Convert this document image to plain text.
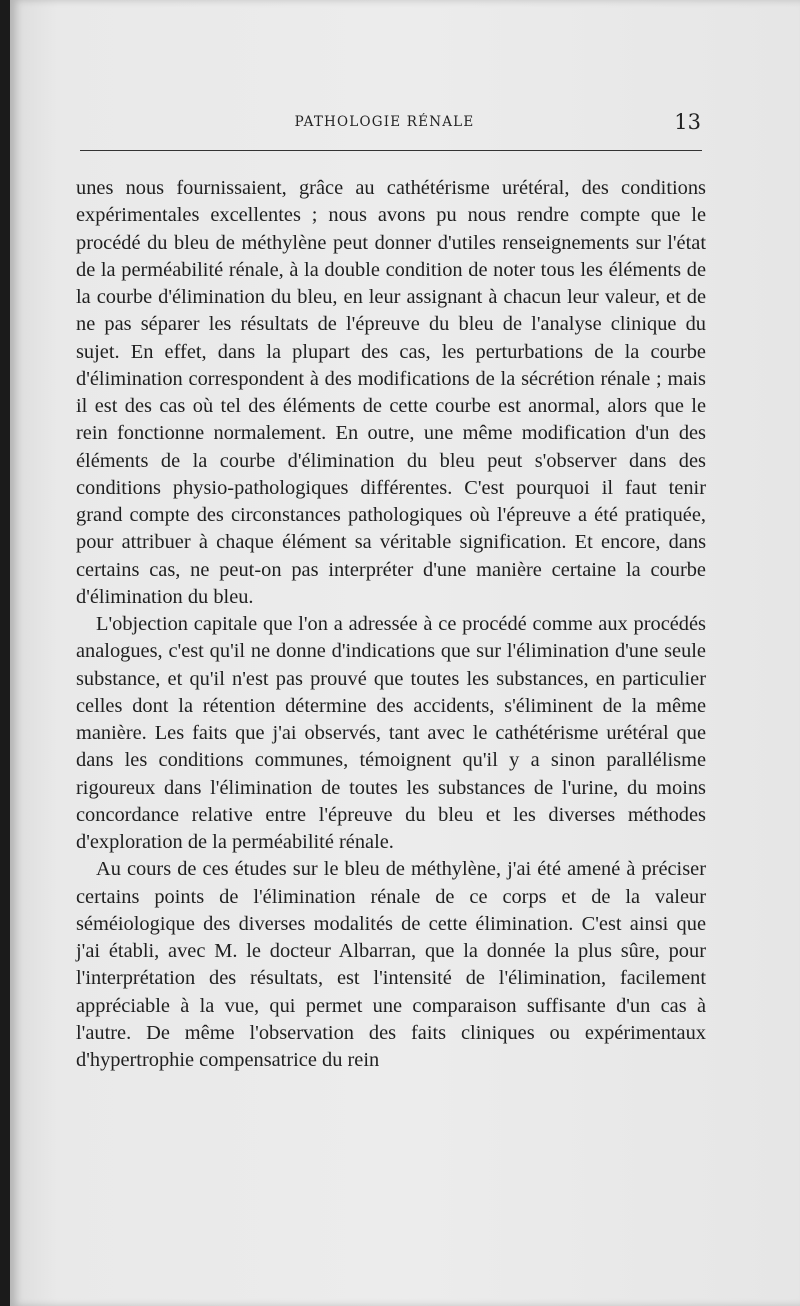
PATHOLOGIE RÉNALE	13

unes nous fournissaient, grâce au cathétérisme urétéral, des conditions expérimentales excellentes ; nous avons pu nous rendre compte que le procédé du bleu de méthylène peut donner d'utiles renseignements sur l'état de la perméabilité rénale, à la double condition de noter tous les éléments de la courbe d'élimination du bleu, en leur assignant à chacun leur valeur, et de ne pas séparer les résultats de l'épreuve du bleu de l'analyse clinique du sujet. En effet, dans la plupart des cas, les perturbations de la courbe d'élimination correspondent à des modifications de la sécrétion rénale ; mais il est des cas où tel des éléments de cette courbe est anormal, alors que le rein fonctionne normalement. En outre, une même modification d'un des éléments de la courbe d'élimination du bleu peut s'observer dans des conditions physio-pathologiques différentes. C'est pourquoi il faut tenir grand compte des circonstances pathologiques où l'épreuve a été pratiquée, pour attribuer à chaque élément sa véritable signification. Et encore, dans certains cas, ne peut-on pas interpréter d'une manière certaine la courbe d'élimination du bleu.

L'objection capitale que l'on a adressée à ce procédé comme aux procédés analogues, c'est qu'il ne donne d'indications que sur l'élimination d'une seule substance, et qu'il n'est pas prouvé que toutes les substances, en particulier celles dont la rétention détermine des accidents, s'éliminent de la même manière. Les faits que j'ai observés, tant avec le cathétérisme urétéral que dans les conditions communes, témoignent qu'il y a sinon parallélisme rigoureux dans l'élimination de toutes les substances de l'urine, du moins concordance relative entre l'épreuve du bleu et les diverses méthodes d'exploration de la perméabilité rénale.

Au cours de ces études sur le bleu de méthylène, j'ai été amené à préciser certains points de l'élimination rénale de ce corps et de la valeur séméiologique des diverses modalités de cette élimination. C'est ainsi que j'ai établi, avec M. le docteur Albarran, que la donnée la plus sûre, pour l'interprétation des résultats, est l'intensité de l'élimination, facilement appréciable à la vue, qui permet une comparaison suffisante d'un cas à l'autre. De même l'observation des faits cliniques ou expérimentaux d'hypertrophie compensatrice du rein
